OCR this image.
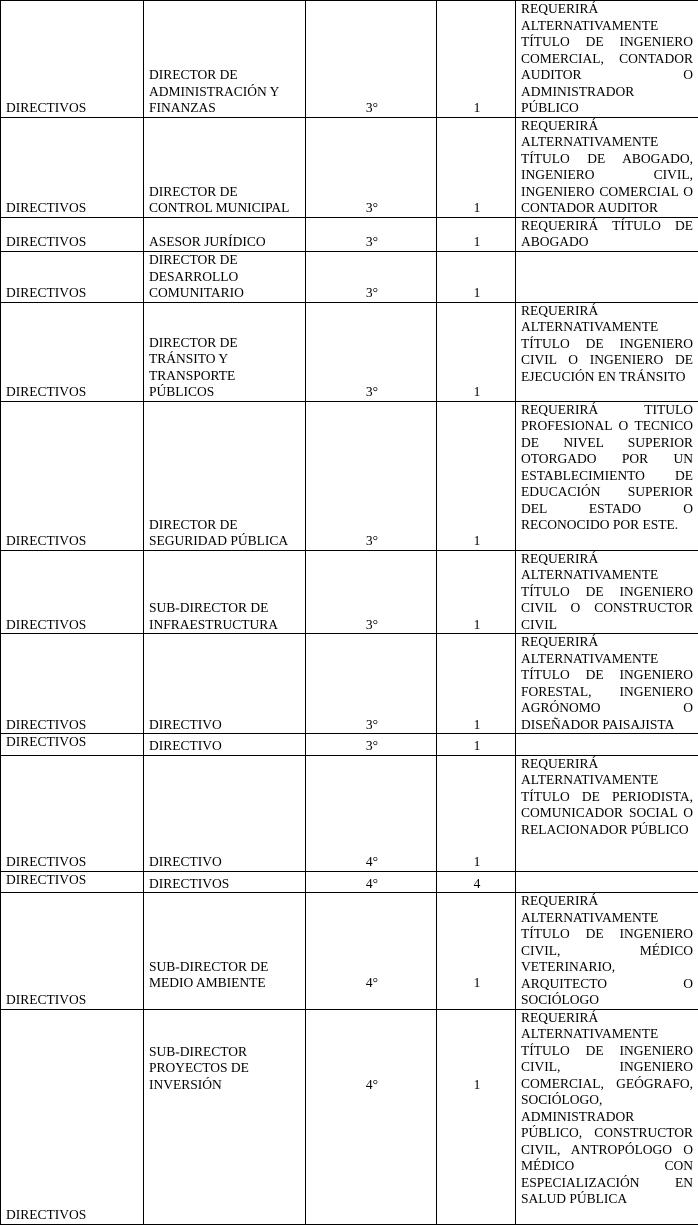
DIRECTIVOS	DIRECTOR DE ADMINISTRACIÓN Y FINANZAS	3°	1	REQUERIRÁ ALTERNATIVAMENTE TÍTULO DE INGENIERO COMERCIAL, CONTADOR AUDITOR O ADMINISTRADOR PÚBLICO
DIRECTIVOS	DIRECTOR DE CONTROL MUNICIPAL	3°	1	REQUERIRÁ ALTERNATIVAMENTE TÍTULO DE ABOGADO, INGENIERO CIVIL, INGENIERO COMERCIAL O CONTADOR AUDITOR
DIRECTIVOS	ASESOR JURÍDICO	3°	1	REQUERIRÁ TÍTULO DE ABOGADO
DIRECTIVOS	DIRECTOR DE DESARROLLO COMUNITARIO	3°	1	
DIRECTIVOS	DIRECTOR DE TRÁNSITO Y TRANSPORTE PÚBLICOS	3°	1	REQUERIRÁ ALTERNATIVAMENTE TÍTULO DE INGENIERO CIVIL O INGENIERO DE EJECUCIÓN EN TRÁNSITO
DIRECTIVOS	DIRECTOR DE SEGURIDAD PÚBLICA	3°	1	REQUERIRÁ TITULO PROFESIONAL O TECNICO DE NIVEL SUPERIOR OTORGADO POR UN ESTABLECIMIENTO DE EDUCACIÓN SUPERIOR DEL ESTADO O RECONOCIDO POR ESTE.
DIRECTIVOS	SUB-DIRECTOR DE INFRAESTRUCTURA	3°	1	REQUERIRÁ ALTERNATIVAMENTE TÍTULO DE INGENIERO CIVIL O CONSTRUCTOR CIVIL
DIRECTIVOS	DIRECTIVO	3°	1	REQUERIRÁ ALTERNATIVAMENTE TÍTULO DE INGENIERO FORESTAL, INGENIERO AGRÓNOMO O DISEÑADOR PAISAJISTA
DIRECTIVOS	DIRECTIVO	3°	1	
DIRECTIVOS	DIRECTIVO	4°	1	REQUERIRÁ ALTERNATIVAMENTE TÍTULO DE PERIODISTA, COMUNICADOR SOCIAL O RELACIONADOR PÚBLICO
DIRECTIVOS	DIRECTIVOS	4°	4	
DIRECTIVOS	SUB-DIRECTOR DE MEDIO AMBIENTE	4°	1	REQUERIRÁ ALTERNATIVAMENTE TÍTULO DE INGENIERO CIVIL, MÉDICO VETERINARIO, ARQUITECTO O SOCIÓLOGO
DIRECTIVOS	SUB-DIRECTOR PROYECTOS DE INVERSIÓN	4°	1	REQUERIRÁ ALTERNATIVAMENTE TÍTULO DE INGENIERO CIVIL, INGENIERO COMERCIAL, GEÓGRAFO, SOCIÓLOGO, ADMINISTRADOR PÚBLICO, CONSTRUCTOR CIVIL, ANTROPÓLOGO O MÉDICO CON ESPECIALIZACIÓN EN SALUD PÚBLICA
